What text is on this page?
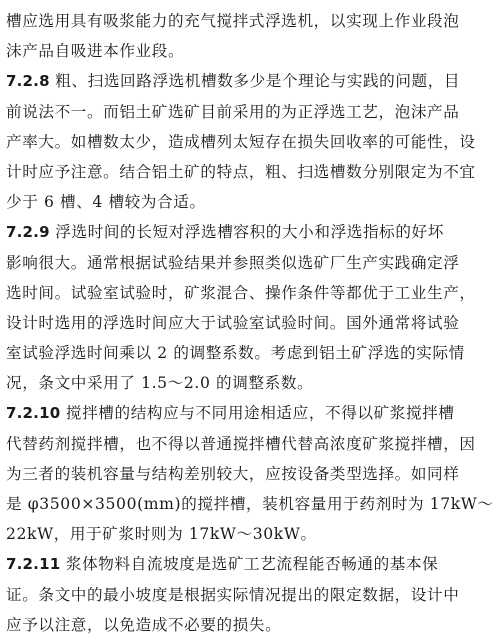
槽应选用具有吸浆能力的充气搅拌式浮选机，以实现上作业段泡
沫产品自吸进本作业段。
7.2.8 粗、扫选回路浮选机槽数多少是个理论与实践的问题，目
前说法不一。而铝土矿选矿目前采用的为正浮选工艺，泡沫产品
产率大。如槽数太少，造成槽列太短存在损失回收率的可能性，设
计时应予注意。结合铝土矿的特点，粗、扫选槽数分别限定为不宜
少于 6 槽、4 槽较为合适。
7.2.9 浮选时间的长短对浮选槽容积的大小和浮选指标的好坏
影响很大。通常根据试验结果并参照类似选矿厂生产实践确定浮
选时间。试验室试验时，矿浆混合、操作条件等都优于工业生产，
设计时选用的浮选时间应大于试验室试验时间。国外通常将试验
室试验浮选时间乘以 2 的调整系数。考虑到铝土矿浮选的实际情
况，条文中采用了 1.5～2.0 的调整系数。
7.2.10 搅拌槽的结构应与不同用途相适应，不得以矿浆搅拌槽
代替药剂搅拌槽，也不得以普通搅拌槽代替高浓度矿浆搅拌槽，因
为三者的装机容量与结构差别较大，应按设备类型选择。如同样
是 φ3500×3500(mm)的搅拌槽，装机容量用于药剂时为 17kW～
22kW，用于矿浆时则为 17kW～30kW。
7.2.11 浆体物料自流坡度是选矿工艺流程能否畅通的基本保
证。条文中的最小坡度是根据实际情况提出的限定数据，设计中
应予以注意，以免造成不必要的损失。
